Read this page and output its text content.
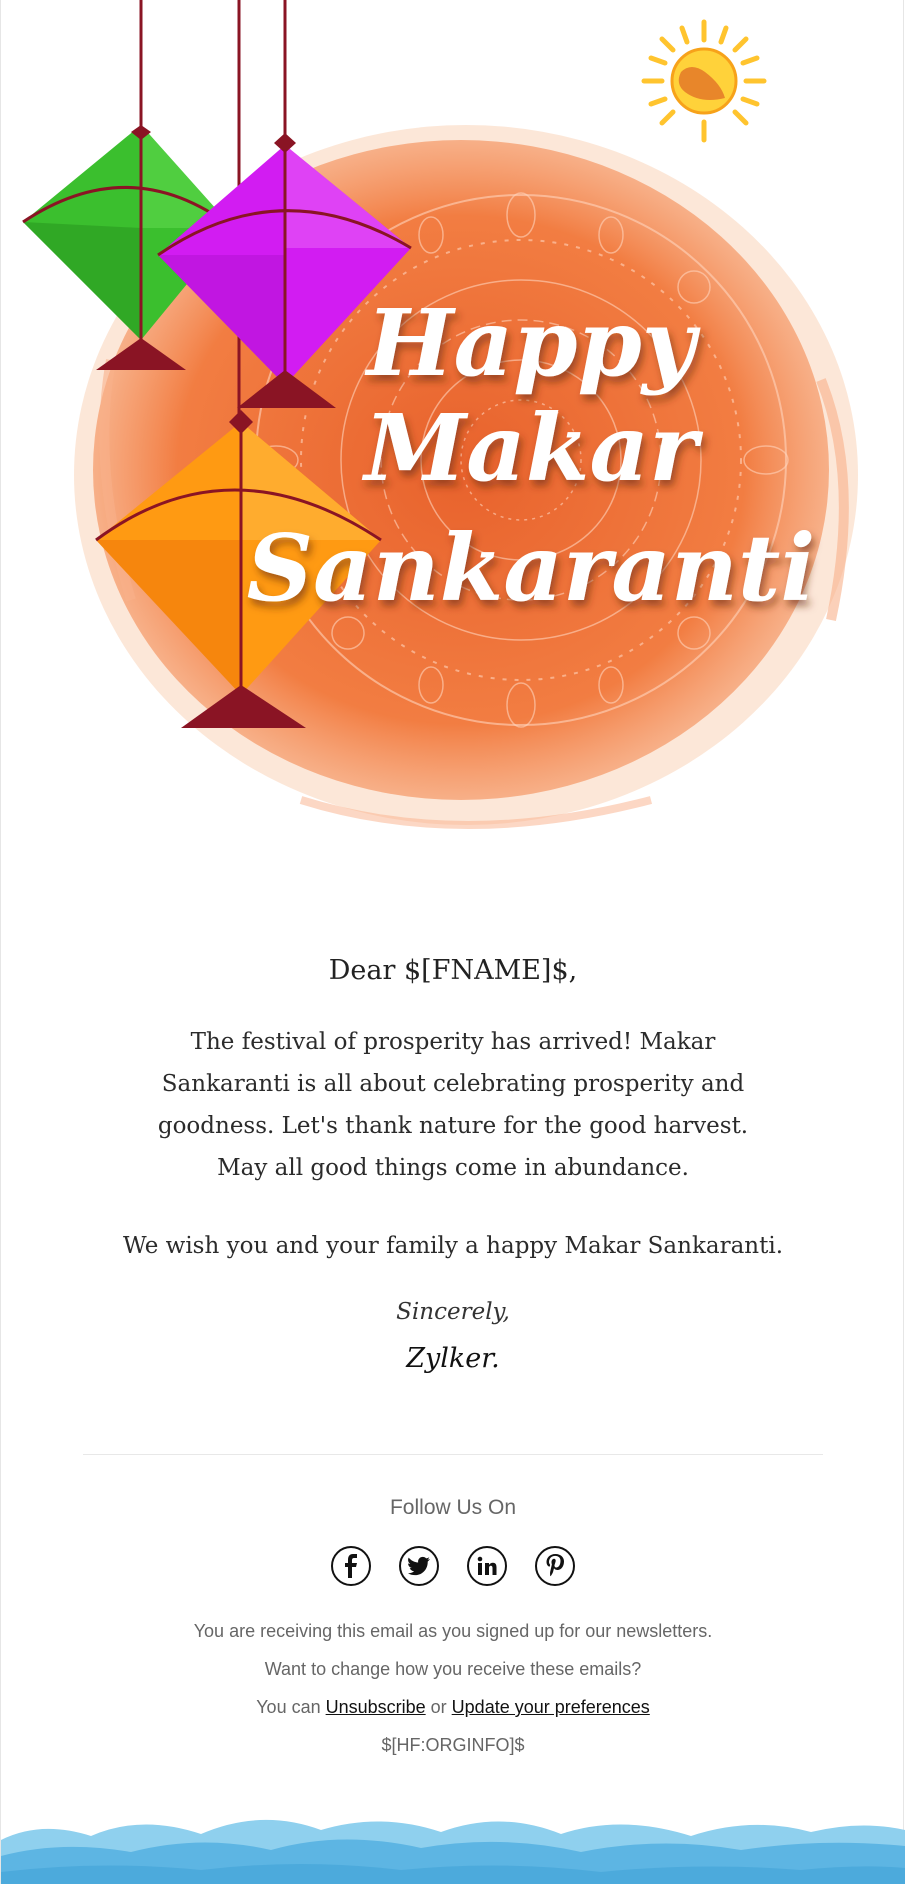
Happy
Makar
Sankaranti

Dear $[FNAME]$,

The festival of prosperity has arrived! Makar Sankaranti is all about celebrating prosperity and goodness. Let's thank nature for the good harvest. May all good things come in abundance.

We wish you and your family a happy Makar Sankaranti.

Sincerely,

Zylker.

Follow Us On

You are receiving this email as you signed up for our newsletters.
Want to change how you receive these emails?
You can Unsubscribe or Update your preferences
$[HF:ORGINFO]$
